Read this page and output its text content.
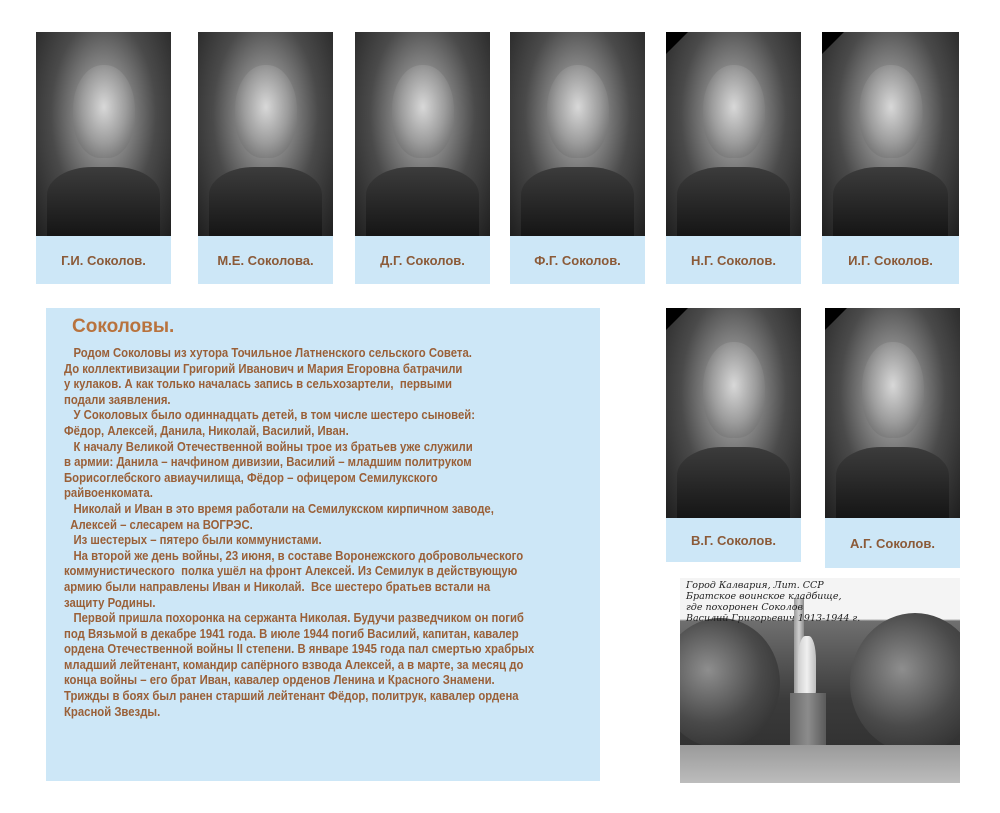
Г.И. Соколов.	М.Е. Соколова.	Д.Г. Соколов.	Ф.Г. Соколов.	Н.Г. Соколов.	И.Г. Соколов.
Соколовы.
Родом Соколовы из хутора Точильное Латненского сельского Совета.
До коллективизации Григорий Иванович и Мария Егоровна батрачили
у кулаков. А как только началась запись в сельхозартели,  первыми
подали заявления.
У Соколовых было одиннадцать детей, в том числе шестеро сыновей:
Фёдор, Алексей, Данила, Николай, Василий, Иван.
К началу Великой Отечественной войны трое из братьев уже служили
в армии: Данила – начфином дивизии, Василий – младшим политруком
Борисоглебского авиаучилища, Фёдор – офицером Семилукского
райвоенкомата.
Николай и Иван в это время работали на Семилукском кирпичном заводе,
Алексей – слесарем на ВОГРЭС.
Из шестерых – пятеро были коммунистами.
На второй же день войны, 23 июня, в составе Воронежского добровольческого
коммунистического  полка ушёл на фронт Алексей. Из Семилук в действующую
армию были направлены Иван и Николай.  Все шестеро братьев встали на
защиту Родины.
Первой пришла похоронка на сержанта Николая. Будучи разведчиком он погиб
под Вязьмой в декабре 1941 года. В июле 1944 погиб Василий, капитан, кавалер
ордена Отечественной войны II степени. В январе 1945 года пал смертью храбрых
младший лейтенант, командир сапёрного взвода Алексей, а в марте, за месяц до
конца войны – его брат Иван, кавалер орденов Ленина и Красного Знамени.
Трижды в боях был ранен старший лейтенант Фёдор, политрук, кавалер ордена
Красной Звезды.
В.Г. Соколов.	А.Г. Соколов.
Город Калвария, Лит. ССР
Братское воинское кладбище,
где похоронен Соколов
Василий Григорьевич 1913-1944 г.
